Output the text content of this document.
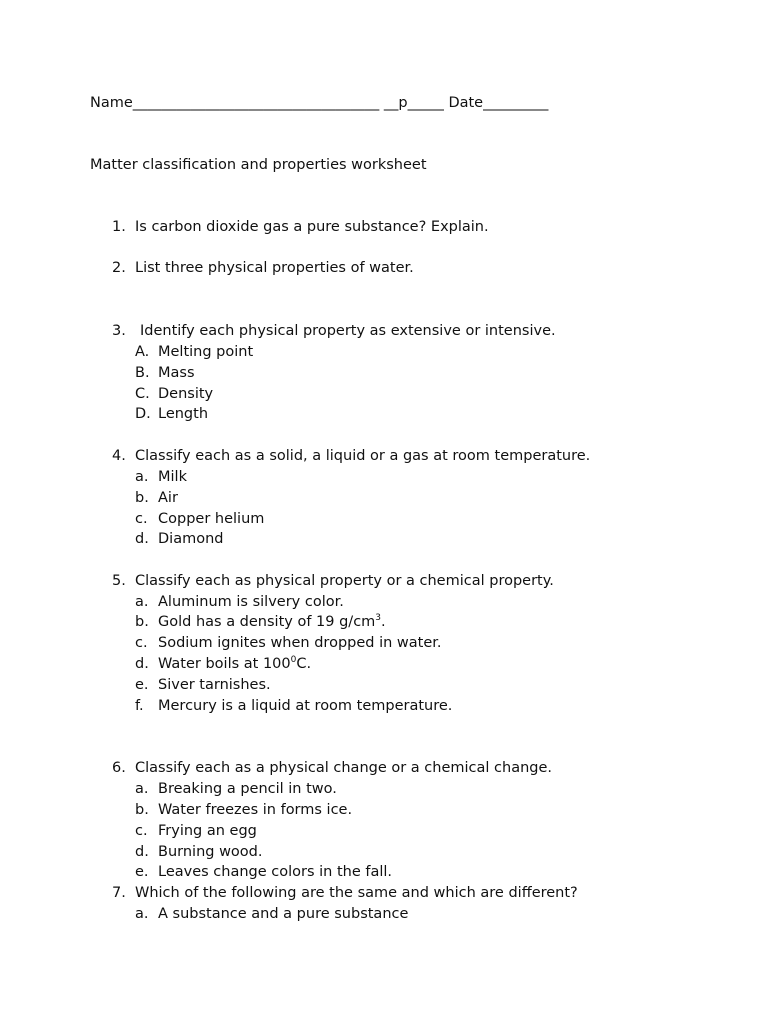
Name__________________________________ __p_____ Date_________
Matter classification and properties worksheet
1. Is carbon dioxide gas a pure substance? Explain.
2. List three physical properties of water.
3. Identify each physical property as extensive or intensive.
A. Melting point
B. Mass
C. Density
D. Length
4. Classify each as a solid, a liquid or a gas at room temperature.
a. Milk
b. Air
c. Copper helium
d. Diamond
5. Classify each as physical property or a chemical property.
a. Aluminum is silvery color.
b. Gold has a density of 19 $g/cm^3$.
c. Sodium ignites when dropped in water.
d. Water boils at $100^0C$.
e. Siver tarnishes.
f. Mercury is a liquid at room temperature.
6. Classify each as a physical change or a chemical change.
a. Breaking a pencil in two.
b. Water freezes in forms ice.
c. Frying an egg
d. Burning wood.
e. Leaves change colors in the fall.
7. Which of the following are the same and which are different?
a. A substance and a pure substance
